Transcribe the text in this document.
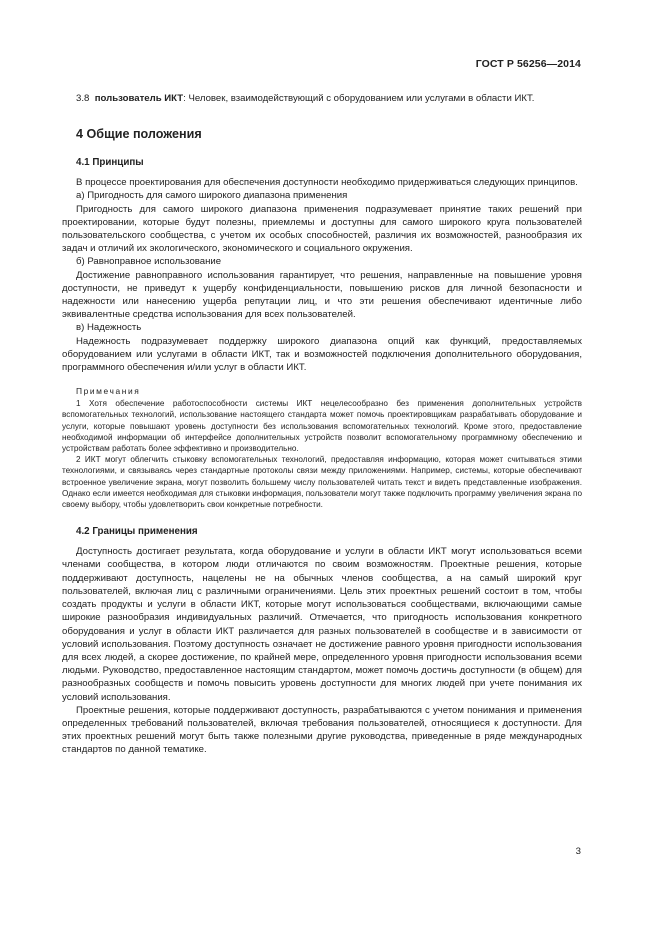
ГОСТ Р 56256—2014

3.8 пользователь ИКТ: Человек, взаимодействующий с оборудованием или услугами в области ИКТ.

4 Общие положения
4.1 Принципы

В процессе проектирования для обеспечения доступности необходимо придерживаться следующих принципов.

а) Пригодность для самого широкого диапазона применения

Пригодность для самого широкого диапазона применения подразумевает принятие таких решений при проектировании, которые будут полезны, приемлемы и доступны для самого широкого круга пользователей пользовательского сообщества, с учетом их особых способностей, различия их возможностей, разнообразия их задач и отличий их экологического, экономического и социального окружения.

б) Равноправное использование

Достижение равноправного использования гарантирует, что решения, направленные на повышение уровня доступности, не приведут к ущербу конфиденциальности, повышению рисков для личной безопасности и надежности или нанесению ущерба репутации лиц, и что эти решения обеспечивают идентичные либо эквивалентные средства использования для всех пользователей.

в) Надежность

Надежность подразумевает поддержку широкого диапазона опций как функций, предоставляемых оборудованием или услугами в области ИКТ, так и возможностей подключения дополнительного оборудования, программного обеспечения и/или услуг в области ИКТ.

Примечания

1 Хотя обеспечение работоспособности системы ИКТ нецелесообразно без применения дополнительных устройств вспомогательных технологий, использование настоящего стандарта может помочь проектировщикам разрабатывать оборудование и услуги, которые повышают уровень доступности без использования вспомогательных технологий. Кроме этого, предоставление необходимой информации об интерфейсе дополнительных устройств позволит вспомогательному программному обеспечению и устройствам работать более эффективно и производительно.

2 ИКТ могут облегчить стыковку вспомогательных технологий, предоставляя информацию, которая может считываться этими технологиями, и связываясь через стандартные протоколы связи между приложениями. Например, системы, которые обеспечивают встроенное увеличение экрана, могут позволить большему числу пользователей читать текст и видеть представленные изображения. Однако если имеется необходимая для стыковки информация, пользователи могут также подключить программу увеличения экрана по своему выбору, чтобы удовлетворить свои конкретные потребности.

4.2 Границы применения

Доступность достигает результата, когда оборудование и услуги в области ИКТ могут использоваться всеми членами сообщества, в котором люди отличаются по своим возможностям. Проектные решения, которые поддерживают доступность, нацелены не на обычных членов сообщества, а на самый широкий круг пользователей, включая лиц с различными ограничениями. Цель этих проектных решений состоит в том, чтобы создать продукты и услуги в области ИКТ, которые могут использоваться сообществами, включающими самые широкие разнообразия индивидуальных различий. Отмечается, что пригодность использования конкретного оборудования и услуг в области ИКТ различается для разных пользователей в сообществе и в зависимости от условий использования. Поэтому доступность означает не достижение равного уровня пригодности использования для всех людей, а скорее достижение, по крайней мере, определенного уровня пригодности использования всеми людьми. Руководство, предоставленное настоящим стандартом, может помочь достичь доступности (в общем) для разнообразных сообществ и помочь повысить уровень доступности для многих людей при учете понимания их условий использования.

Проектные решения, которые поддерживают доступность, разрабатываются с учетом понимания и применения определенных требований пользователей, включая требования пользователей, относящиеся к доступности. Для этих проектных решений могут быть также полезными другие руководства, приведенные в ряде международных стандартов по данной тематике.

3
